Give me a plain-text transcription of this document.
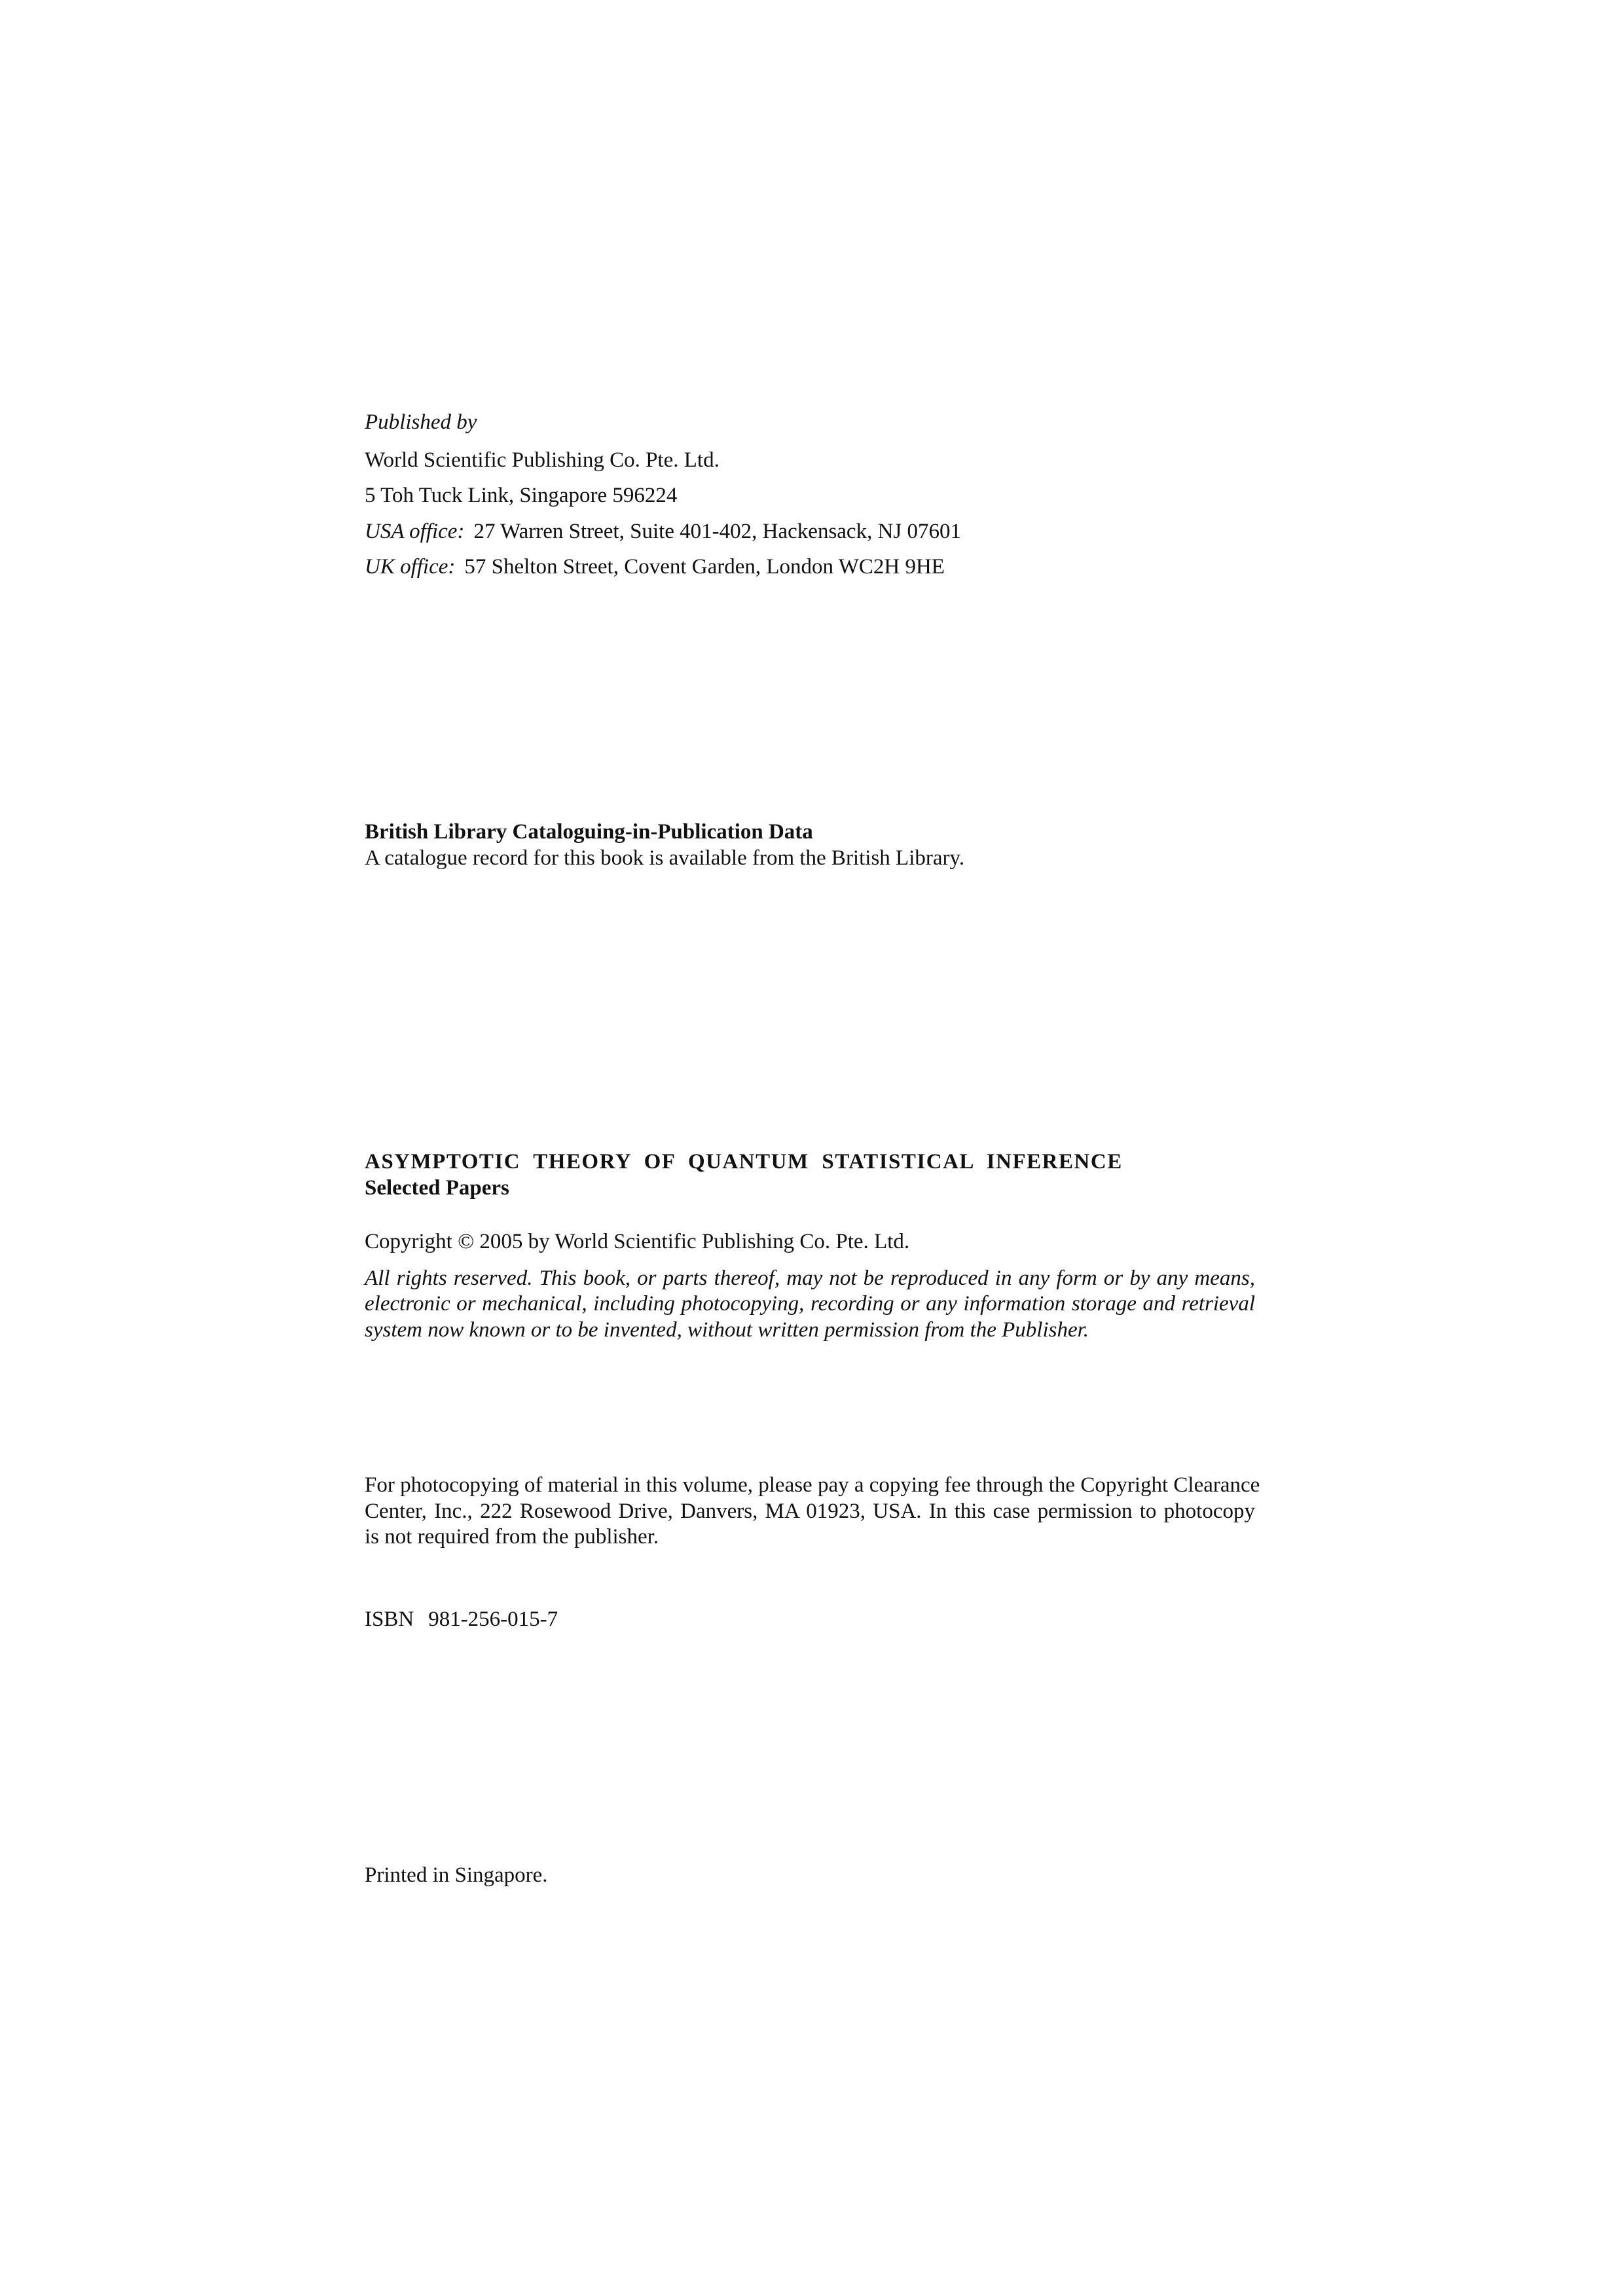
Published by
World Scientific Publishing Co. Pte. Ltd.
5 Toh Tuck Link, Singapore 596224
USA office: 27 Warren Street, Suite 401-402, Hackensack, NJ 07601
UK office: 57 Shelton Street, Covent Garden, London WC2H 9HE
British Library Cataloguing-in-Publication Data
A catalogue record for this book is available from the British Library.
ASYMPTOTIC THEORY OF QUANTUM STATISTICAL INFERENCE
Selected Papers
Copyright © 2005 by World Scientific Publishing Co. Pte. Ltd.
All rights reserved. This book, or parts thereof, may not be reproduced in any form or by any means,
electronic or mechanical, including photocopying, recording or any information storage and retrieval
system now known or to be invented, without written permission from the Publisher.
For photocopying of material in this volume, please pay a copying fee through the Copyright Clearance
Center, Inc., 222 Rosewood Drive, Danvers, MA 01923, USA. In this case permission to photocopy
is not required from the publisher.
ISBN 981-256-015-7
Printed in Singapore.
